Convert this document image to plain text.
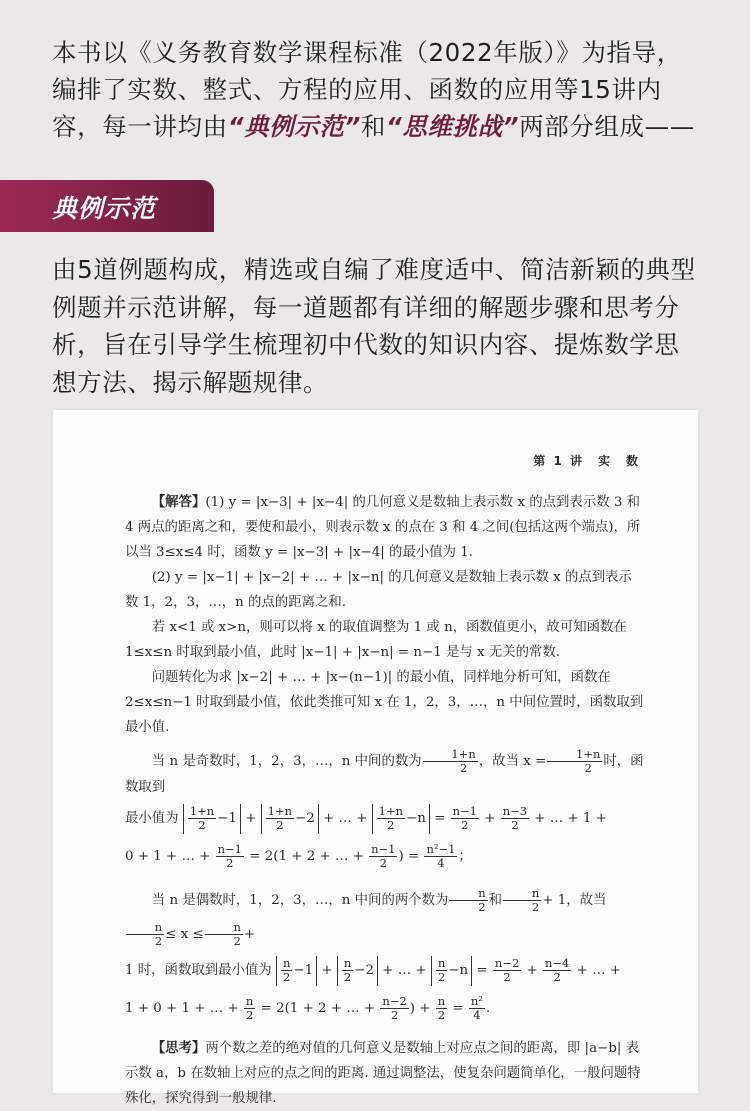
本书以《义务教育数学课程标准（2022年版）》为指导，编排了实数、整式、方程的应用、函数的应用等15讲内容，每一讲均由“典例示范”和“思维挑战”两部分组成——
典例示范
由5道例题构成，精选或自编了难度适中、简洁新颖的典型例题并示范讲解，每一道题都有详细的解题步骤和思考分析，旨在引导学生梳理初中代数的知识内容、提炼数学思想方法、揭示解题规律。
第 1 讲　实　数

【解答】(1) y = |x−3| + |x−4| 的几何意义是数轴上表示数 x 的点到表示数 3 和 4 两点的距离之和，要使和最小，则表示数 x 的点在 3 和 4 之间(包括这两个端点)，所以当 3≤x≤4 时，函数 y = |x−3| + |x−4| 的最小值为 1.

(2) y = |x−1| + |x−2| + … + |x−n| 的几何意义是数轴上表示数 x 的点到表示数 1，2，3，…，n 的点的距离之和.

若 x<1 或 x>n，则可以将 x 的取值调整为 1 或 n，函数值更小，故可知函数在 1≤x≤n 时取到最小值，此时 |x−1| + |x−n| = n−1 是与 x 无关的常数.

问题转化为求 |x−2| + … + |x−(n−1)| 的最小值，同样地分析可知，函数在 2≤x≤n−1 时取到最小值，依此类推可知 x 在 1，2，3，…，n 中间位置时，函数取到最小值.

当 n 是奇数时，1，2，3，…，n 中间的数为 $\frac{1+n}{2}$ ，故当 $x = \frac{1+n}{2}$ 时，函数取到

最小值为 $\frac{1+n}{2} -1 + \frac{1+n}{2} -2$ + … + $\frac{1+n}{2} -n = \frac{n-1}{2} + \frac{n-3}{2}$ + … + 1 +

0 + 1 + … + $\frac{n-1}{2} = 2(1 + 2$ + … + $\frac{n-1}{2}$ ) = $\frac{\text{n²−1}}{4}$ ；

当 n 是偶数时，1，2，3，…，n 中间的两个数为 $\frac{n}{2}$ 和 $\frac{n}{2} + 1$，故当
$\frac{n}{2} \le x \le \frac{n}{2}$ +

1 时，函数取到最小值为 $\frac{n}{2} -1 + \frac{n}{2} -2$ + … + $\frac{n}{2} -n = \frac{n-2}{2} + \frac{n-4}{2}$ + … +

1 + 0 + 1 + … + $\frac{n}{2} = 2(1 + 2$ + … + $\frac{n-2}{2}$ ) + $\frac{n}{2} = \frac{\text{n²}}{4}$ .

【思考】两个数之差的绝对值的几何意义是数轴上对应点之间的距离，即 |a−b| 表示数 a，b 在数轴上对应的点之间的距离. 通过调整法，使复杂问题简单化，一般问题特殊化，探究得到一般规律.
